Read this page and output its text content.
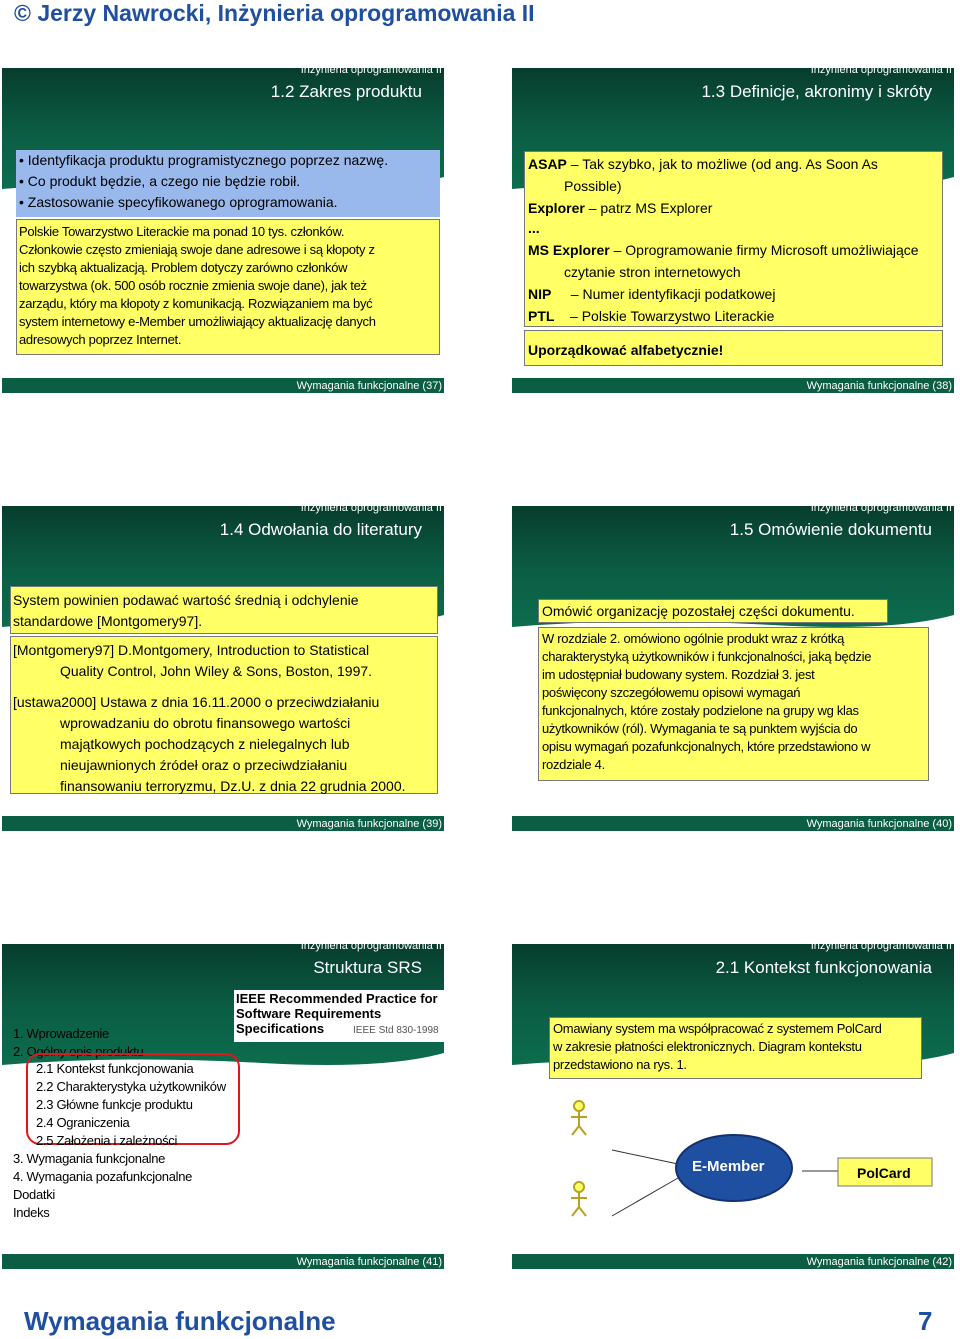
© Jerzy Nawrocki, Inżynieria oprogramowania II
Inżynieria oprogramowania II
1.2 Zakres produktu
• Identyfikacja produktu programistycznego poprzez nazwę.
• Co produkt będzie, a czego nie będzie robił.
• Zastosowanie specyfikowanego oprogramowania.
Polskie Towarzystwo Literackie ma ponad 10 tys. członków.
Członkowie często zmieniają swoje dane adresowe i są kłopoty z
ich szybką aktualizacją. Problem dotyczy zarówno członków
towarzystwa (ok. 500 osób rocznie zmienia swoje dane), jak też
zarządu, który ma kłopoty z komunikacją. Rozwiązaniem ma być
system internetowy e-Member umożliwiający aktualizację danych
adresowych poprzez Internet.
Wymagania funkcjonalne (37)
Inżynieria oprogramowania II
1.3 Definicje, akronimy i skróty
ASAP – Tak szybko, jak to możliwe (od ang. As Soon As
Possible)
Explorer – patrz MS Explorer
...
MS Explorer – Oprogramowanie firmy Microsoft umożliwiające
czytanie stron internetowych
NIP – Numer identyfikacji podatkowej
PTL – Polskie Towarzystwo Literackie
Uporządkować alfabetycznie!
Wymagania funkcjonalne (38)
Inżynieria oprogramowania II
1.4 Odwołania do literatury
System powinien podawać wartość średnią i odchylenie
standardowe [Montgomery97].
[Montgomery97] D.Montgomery, Introduction to Statistical
Quality Control, John Wiley & Sons, Boston, 1997.
[ustawa2000] Ustawa z dnia 16.11.2000 o przeciwdziałaniu
wprowadzaniu do obrotu finansowego wartości
majątkowych pochodzących z nielegalnych lub
nieujawnionych źródeł oraz o przeciwdziałaniu
finansowaniu terroryzmu, Dz.U. z dnia 22 grudnia 2000.
Wymagania funkcjonalne (39)
Inżynieria oprogramowania II
1.5 Omówienie dokumentu
Omówić organizację pozostałej części dokumentu.
W rozdziale 2. omówiono ogólnie produkt wraz z krótką
charakterystyką użytkowników i funkcjonalności, jaką będzie
im udostępniał budowany system. Rozdział 3. jest
poświęcony szczegółowemu opisowi wymagań
funkcjonalnych, które zostały podzielone na grupy wg klas
użytkowników (ról). Wymagania te są punktem wyjścia do
opisu wymagań pozafunkcjonalnych, które przedstawiono w
rozdziale 4.
Wymagania funkcjonalne (40)
Inżynieria oprogramowania II
Struktura SRS
IEEE Recommended Practice for
Software Requirements
Specifications	IEEE Std 830-1998
1. Wprowadzenie
2. Ogólny opis produktu
2.1 Kontekst funkcjonowania
2.2 Charakterystyka użytkowników
2.3 Główne funkcje produktu
2.4 Ograniczenia
2.5 Założenia i zależności
3. Wymagania funkcjonalne
4. Wymagania pozafunkcjonalne
Dodatki
Indeks
Wymagania funkcjonalne (41)
Inżynieria oprogramowania II
2.1 Kontekst funkcjonowania
Omawiany system ma współpracować z systemem PolCard
w zakresie płatności elektronicznych. Diagram kontekstu
przedstawiono na rys. 1.
Członek
Zarząd
E-Member	PolCard
Wymagania funkcjonalne (42)
Wymagania funkcjonalne	7
